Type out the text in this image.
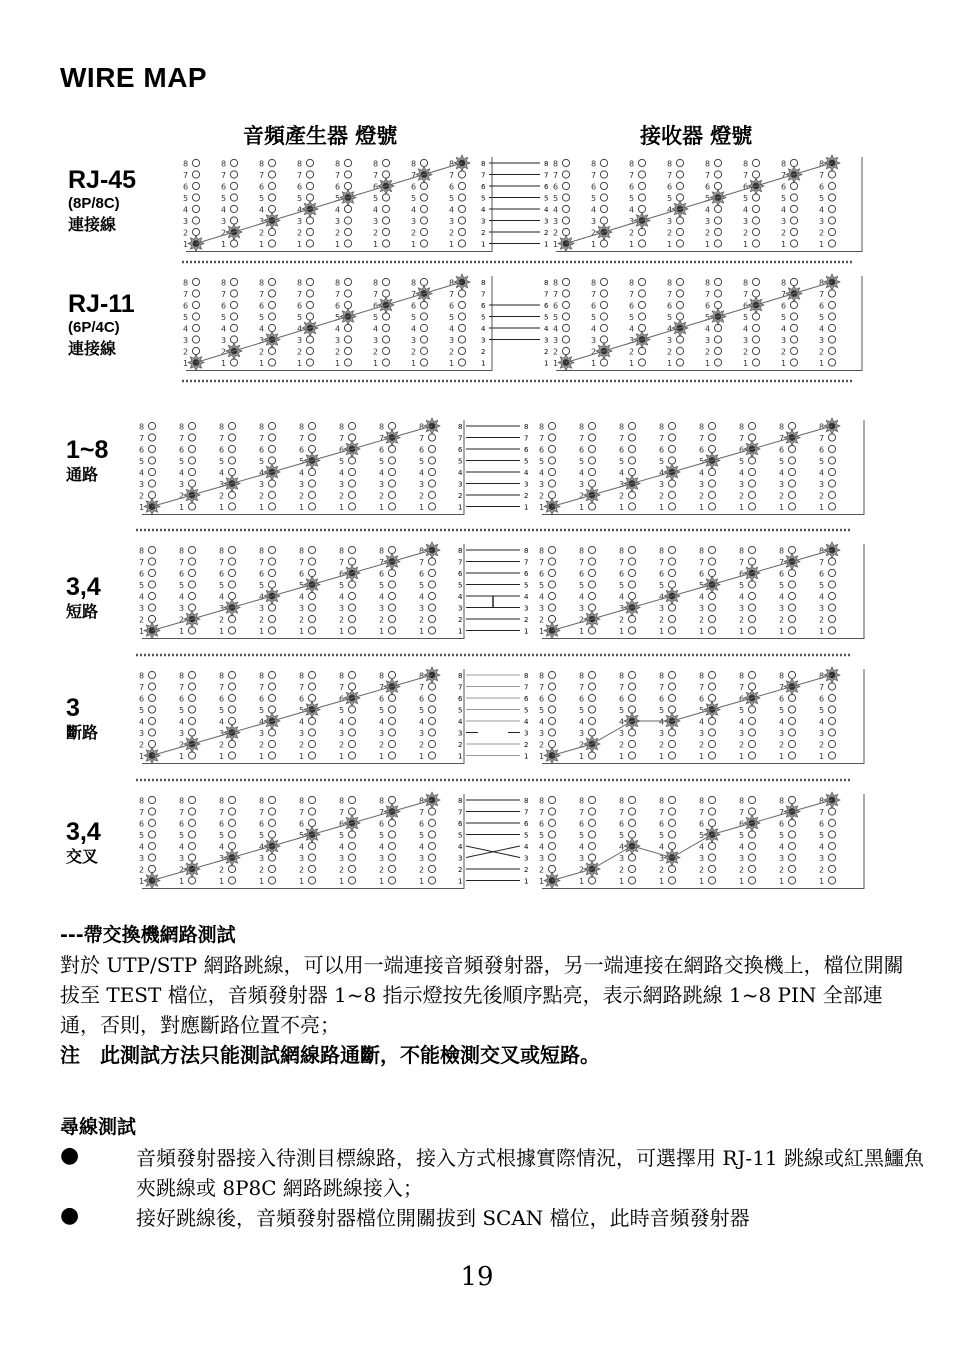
WIRE MAP
音頻產生器 燈號	接收器 燈號
RJ-45
(8P/8C)
連接線
RJ-11
(6P/4C)
連接線
1~8
通路
3,4
短路
3
斷路
3,4
交叉
8
7
6
5
4
3
2
1
8
7
6
5
4
3
2
1
8
7
6
5
4
3
2
1
8
7
6
5
4
3
2
1
8
7
6
5
4
3
2
1
8
7
6
5
4
3
2
1
8
7
6
5
4
3
2
1
8
7
6
5
4
3
2
1
8	8
7	7
6	6
5	5
4	4
3	3
2	2
1	1
8
7
6
5
4
3
2
1
8
7
6
5
4
3
2
1
8
7
6
5
4
3
2
1
8
7
6
5
4
3
2
1
8
7
6
5
4
3
2
1
8
7
6
5
4
3
2
1
8
7
6
5
4
3
2
1
8
7
6
5
4
3
2
1
8
7
6
5
4
3
2
1
8
7
6
5
4
3
2
1
8
7
6
5
4
3
2
1
8
7
6
5
4
3
2
1
8
7
6
5
4
3
2
1
8
7
6
5
4
3
2
1
8
7
6
5
4
3
2
1
8
7
6
5
4
3
2
1
8	8
7	7
6	6
5	5
4	4
3	3
2	2
1	1
8
7
6
5
4
3
2
1
8
7
6
5
4
3
2
1
8
7
6
5
4
3
2
1
8
7
6
5
4
3
2
1
8
7
6
5
4
3
2
1
8
7
6
5
4
3
2
1
8
7
6
5
4
3
2
1
8
7
6
5
4
3
2
1
8
7
6
5
4
3
2
1
8
7
6
5
4
3
2
1
8
7
6
5
4
3
2
1
8
7
6
5
4
3
2
1
8
7
6
5
4
3
2
1
8
7
6
5
4
3
2
1
8
7
6
5
4
3
2
1
8
7
6
5
4
3
2
1
8	8
7	7
6	6
5	5
4	4
3	3
2	2
1	1
8
7
6
5
4
3
2
1
8
7
6
5
4
3
2
1
8
7
6
5
4
3
2
1
8
7
6
5
4
3
2
1
8
7
6
5
4
3
2
1
8
7
6
5
4
3
2
1
8
7
6
5
4
3
2
1
8
7
6
5
4
3
2
1
8
7
6
5
4
3
2
1
8
7
6
5
4
3
2
1
8
7
6
5
4
3
2
1
8
7
6
5
4
3
2
1
8
7
6
5
4
3
2
1
8
7
6
5
4
3
2
1
8
7
6
5
4
3
2
1
8
7
6
5
4
3
2
1
8	8
7	7
6	6
5	5
4	4
3	3
2	2
1	1
8
7
6
5
4
3
2
1
8
7
6
5
4
3
2
1
8
7
6
5
4
3
2
1
8
7
6
5
4
3
2
1
8
7
6
5
4
3
2
1
8
7
6
5
4
3
2
1
8
7
6
5
4
3
2
1
8
7
6
5
4
3
2
1
8
7
6
5
4
3
2
1
8
7
6
5
4
3
2
1
8
7
6
5
4
3
2
1
8
7
6
5
4
3
2
1
8
7
6
5
4
3
2
1
8
7
6
5
4
3
2
1
8
7
6
5
4
3
2
1
8
7
6
5
4
3
2
1
8	8
7	7
6	6
5	5
4	4
3	3
2	2
1	1
8
7
6
5
4
3
2
1
8
7
6
5
4
3
2
1
8
7
6
5
4
3
2
1
8
7
6
5
4
3
2
1
8
7
6
5
4
3
2
1
8
7
6
5
4
3
2
1
8
7
6
5
4
3
2
1
8
7
6
5
4
3
2
1
8
7
6
5
4
3
2
1
8
7
6
5
4
3
2
1
8
7
6
5
4
3
2
1
8
7
6
5
4
3
2
1
8
7
6
5
4
3
2
1
8
7
6
5
4
3
2
1
8
7
6
5
4
3
2
1
8
7
6
5
4
3
2
1
8	8
7	7
6	6
5	5
4	4
3	3
2	2
1	1
8
7
6
5
4
3
2
1
8
7
6
5
4
3
2
1
8
7
6
5
4
3
2
1
8
7
6
5
4
3
2
1
8
7
6
5
4
3
2
1
8
7
6
5
4
3
2
1
8
7
6
5
4
3
2
1
8
7
6
5
4
3
2
1

---帶交換機網路測試

對於 UTP/STP 網路跳線，可以用一端連接音頻發射器，另一端連接在網路交換機上，檔位開關拔至 TEST 檔位，音頻發射器 1~8 指示燈按先後順序點亮，表示網路跳線 1~8 PIN 全部連通，否則，對應斷路位置不亮；

注　此測試方法只能測試網線路通斷，不能檢測交叉或短路。

尋線測試
●	音頻發射器接入待測目標線路，接入方式根據實際情況，可選擇用 RJ-11 跳線或紅黑鱷魚夾跳線或 8P8C 網路跳線接入；
●	接好跳線後，音頻發射器檔位開關拔到 SCAN 檔位，此時音頻發射器
19
